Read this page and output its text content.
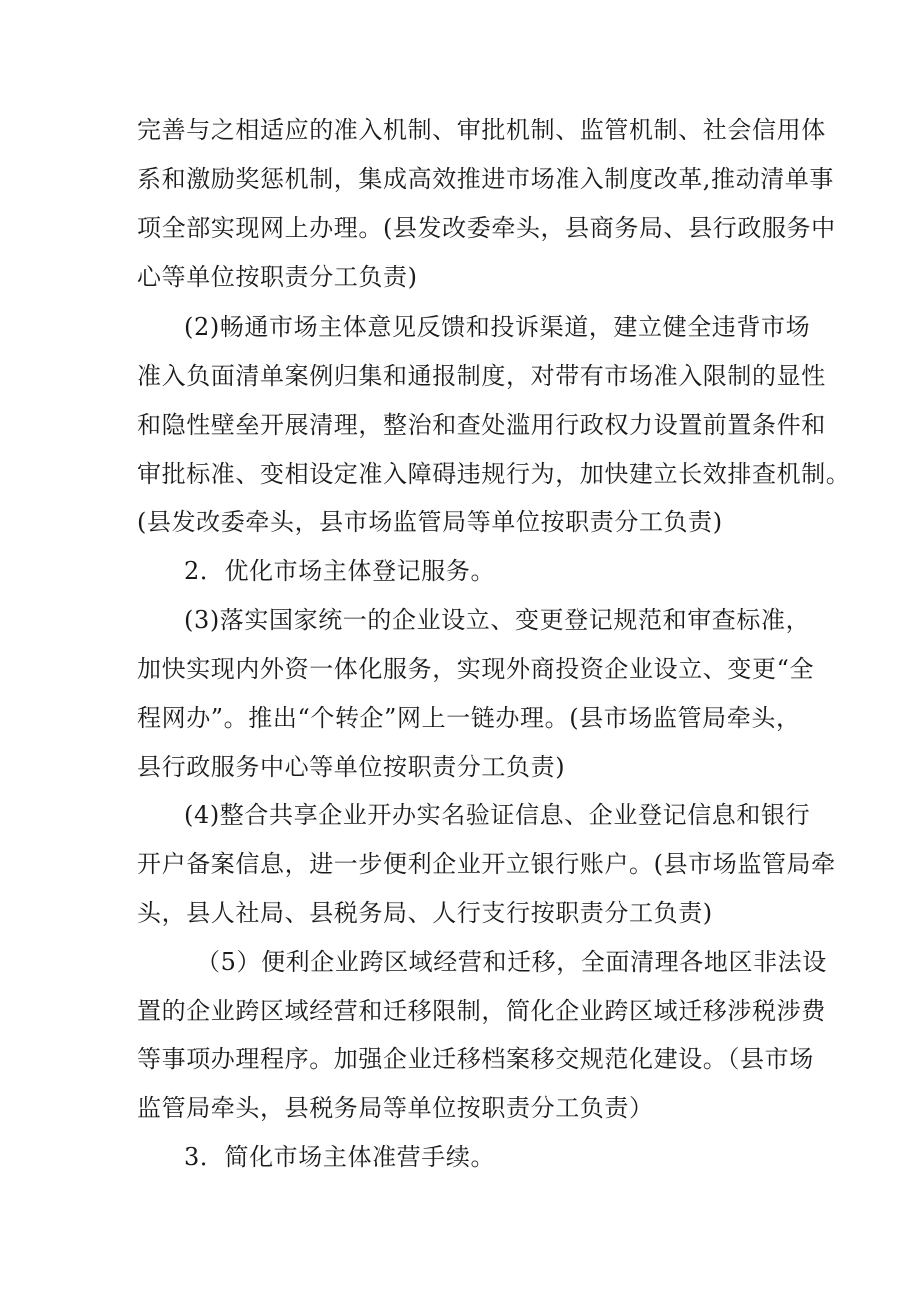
完善与之相适应的准入机制、审批机制、监管机制、社会信用体
系和激励奖惩机制，集成高效推进市场准入制度改革,推动清单事
项全部实现网上办理。(县发改委牵头，县商务局、县行政服务中
心等单位按职责分工负责)
(2)畅通市场主体意见反馈和投诉渠道，建立健全违背市场
准入负面清单案例归集和通报制度，对带有市场准入限制的显性
和隐性壁垒开展清理，整治和查处滥用行政权力设置前置条件和
审批标准、变相设定准入障碍违规行为，加快建立长效排查机制。
(县发改委牵头，县市场监管局等单位按职责分工负责)
2．优化市场主体登记服务。
(3)落实国家统一的企业设立、变更登记规范和审查标准，
加快实现内外资一体化服务，实现外商投资企业设立、变更“全
程网办”。推出“个转企”网上一链办理。(县市场监管局牵头，
县行政服务中心等单位按职责分工负责)
(4)整合共享企业开办实名验证信息、企业登记信息和银行
开户备案信息，进一步便利企业开立银行账户。(县市场监管局牵
头，县人社局、县税务局、人行支行按职责分工负责)
（5）便利企业跨区域经营和迁移，全面清理各地区非法设
置的企业跨区域经营和迁移限制，简化企业跨区域迁移涉税涉费
等事项办理程序。加强企业迁移档案移交规范化建设。（县市场
监管局牵头，县税务局等单位按职责分工负责）
3．简化市场主体准营手续。
